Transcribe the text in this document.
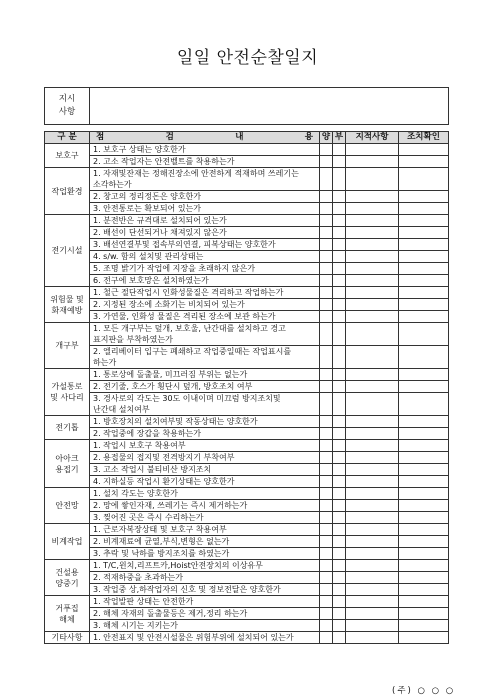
일일 안전순찰일지
지시
사항					

구 분	점 검 내 용	양	부	지적사항	조치확인
보호구	1. 보호구 상태는 양호한가				

	2. 고소 작업자는 안전벨트를 착용하는가				

작업환경	1. 자재및잔재는 정해진장소에 안전하게 적재하며 쓰레기는
소각하는가				

	2. 창고의 정리정돈은 양호한가				

	3. 안전통로는 확보되어 있는가				

전기시설	1. 분전반은 규격대로 설치되어 있는가				

	2. 배선이 단선되거나 채져있지 않은가				

	3. 배선연결부및 접속부의연결, 피복상태는 양호한가				

	4. s/w. 함의 설치및 관리상태는				

	5. 조명 밝기가 작업에 지장을 초래하지 않은가				

	6. 전구에 보호망은 설치하였는가				

위험물 및
화재예방	1. 철근 절단작업시 인화성물질은 격리하고 작업하는가				

	2. 지정된 장소에 소화기는 비치되어 있는가				

	3. 가연물, 인화성 물질은 격리된 장소에 보관 하는가				

개구부	1. 모든 개구부는 덮개, 보호울, 난간대를 설치하고 경고
표지판을 부착하였는가				

	2. 엘리베이터 입구는 폐쇄하고 작업중일때는 작업표시를
하는가				

가설통로
및 사다리	1. 통로상에 돌출물, 미끄러짐 부위는 없는가				

	2. 전기줄, 호스가 횡단시 덮개, 방호조치 여부				

	3. 경사로의 각도는 30도 이내이며 미끄럼 방지조치및
난간대 설치여부				

전기톱	1. 방호장치의 설치여부및 작동상태는 양호한가				

	2. 작업중에 장갑을 착용하는가				

아아크
용접기	1. 작업시 보호구 착용여부				

	2. 용접물의 접지및 전격방지기 부착여부				

	3. 고소 작업시 불티비산 방지조치				

	4. 지하실등 작업시 환기상태는 양호한가				

안전망	1. 설치 각도는 양호한가				

	2. 망에 쌓인자재, 쓰레기는 즉시 제거하는가				

	3. 찢어진 곳은 즉시 수리하는가				

비계작업	1. 근로자복장상태 및 보호구 착용여부				

	2. 비계재료에 균열,부식,변형은 없는가				

	3. 추락 및 낙하를 방지조치를 하였는가				

건설용
양중기	1. T/C,윈치,리프트카,Hoist안전장치의 이상유무				

	2. 적재하중을 초과하는가				

	3. 작업중 상,하작업자의 신호 및 정보전달은 양호한가				

거푸집
해체	1. 작업발판 상태는 안전한가				

	2. 해체 자재의 돌출물등은 제거,정리 하는가				

	3. 해체 시기는 지키는가				

기타사항	1. 안전표지 및 안전시설물은 위험부위에 설치되어 있는가				

(주) ○ ○ ○
